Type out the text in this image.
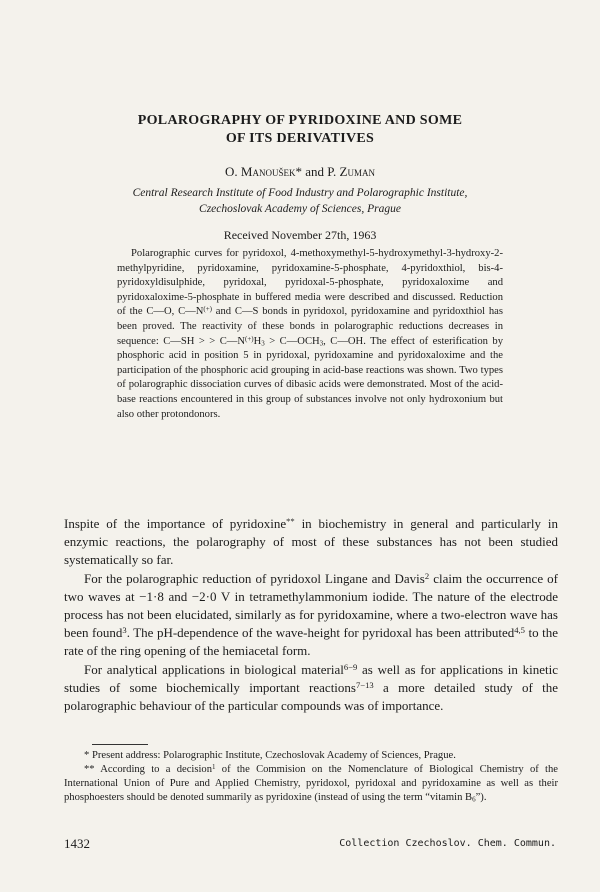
POLAROGRAPHY OF PYRIDOXINE AND SOME
OF ITS DERIVATIVES
O. Manoušek* and P. Zuman
Central Research Institute of Food Industry and Polarographic Institute,
Czechoslovak Academy of Sciences, Prague
Received November 27th, 1963

Polarographic curves for pyridoxol, 4-methoxymethyl-5-hydroxymethyl-3-hydroxy-2-methylpyridine, pyridoxamine, pyridoxamine-5-phosphate, 4-pyridoxthiol, bis-4-pyridoxyldisulphide, pyridoxal, pyridoxal-5-phosphate, pyridoxaloxime and pyridoxaloxime-5-phosphate in buffered media were described and discussed. Reduction of the C—O, C—N(+) and C—S bonds in pyridoxol, pyridoxamine and pyridoxthiol has been proved. The reactivity of these bonds in polarographic reductions decreases in sequence: C—SH > > $C—N^{(+)}H_3$ > $C—OCH_3$, C—OH. The effect of esterification by phosphoric acid in position 5 in pyridoxal, pyridoxamine and pyridoxaloxime and the participation of the phosphoric acid grouping in acid-base reactions was shown. Two types of polarographic dissociation curves of dibasic acids were demonstrated. Most of the acid-base reactions encountered in this group of substances involve not only hydroxonium but also other protondonors.

Inspite of the importance of pyridoxine** in biochemistry in general and particularly in enzymic reactions, the polarography of most of these substances has not been studied systematically so far.

For the polarographic reduction of pyridoxol Lingane and Davis$^2$ claim the occurrence of two waves at −1·8 and −2·0 V in tetramethylammonium iodide. The nature of the electrode process has not been elucidated, similarly as for pyridoxamine, where a two-electron wave has been found$^3$. The pH-dependence of the wave-height for pyridoxal has been attributed$^{4,5}$ to the rate of the ring opening of the hemiacetal form.

For analytical applications in biological material$^{6-9}$ as well as for applications in kinetic studies of some biochemically important reactions$^{7-13}$ a more detailed study of the polarographic behaviour of the particular compounds was of importance.

* Present address: Polarographic Institute, Czechoslovak Academy of Sciences, Prague.

** According to a decision$^1$ of the Commision on the Nomenclature of Biological Chemistry of the International Union of Pure and Applied Chemistry, pyridoxol, pyridoxal and pyridoxamine as well as their phosphoesters should be denoted summarily as pyridoxine (instead of using the term “vitamin $B_6$”).

1432	Collection Czechoslov. Chem. Commun.
